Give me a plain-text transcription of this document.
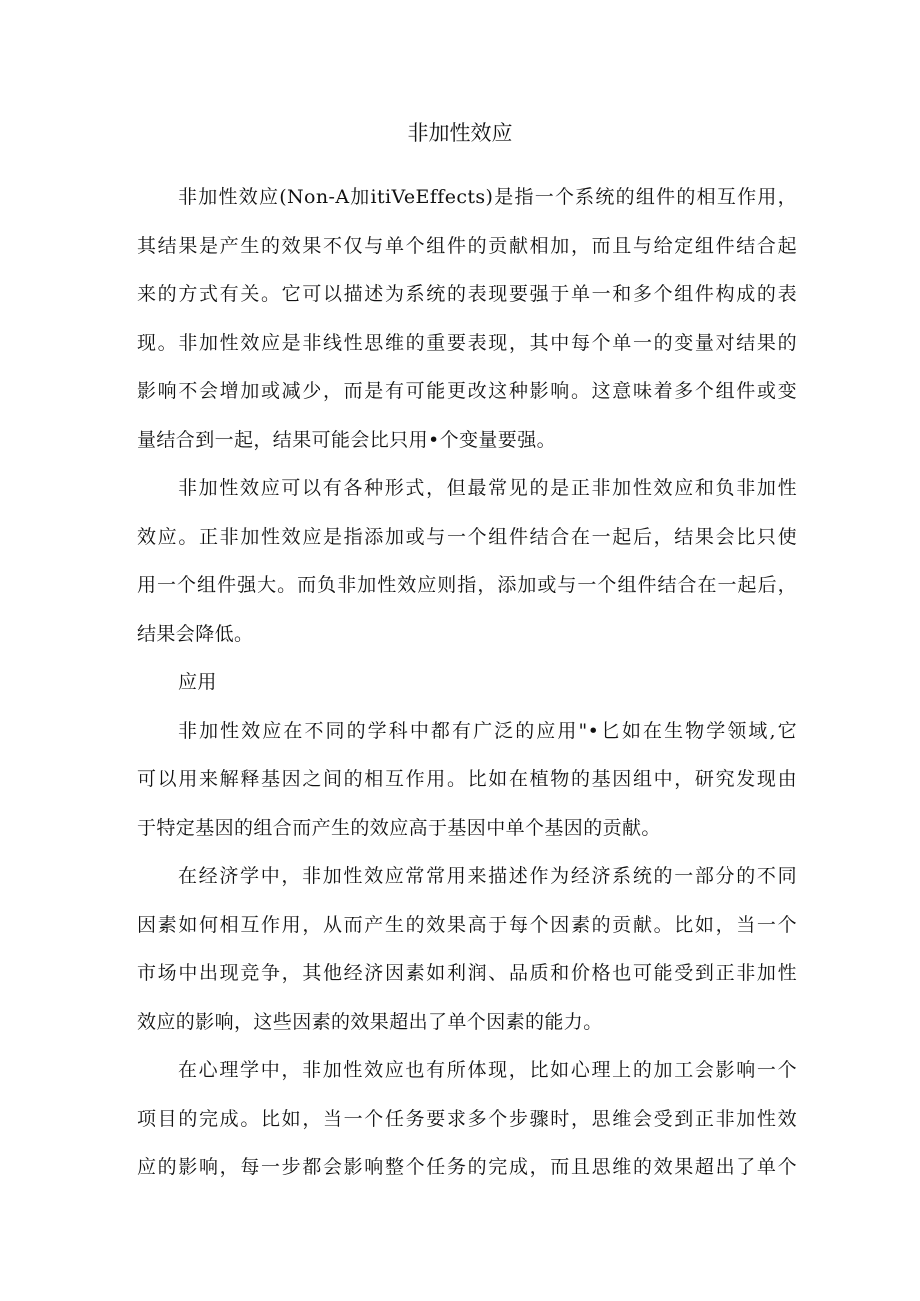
非加性效应
非加性效应(Non-A加itiVeEffects)是指一个系统的组件的相互作用，
其结果是产生的效果不仅与单个组件的贡献相加，而且与给定组件结合起
来的方式有关。它可以描述为系统的表现要强于单一和多个组件构成的表
现。非加性效应是非线性思维的重要表现，其中每个单一的变量对结果的
影响不会增加或减少，而是有可能更改这种影响。这意味着多个组件或变
量结合到一起，结果可能会比只用•个变量要强。
非加性效应可以有各种形式，但最常见的是正非加性效应和负非加性
效应。正非加性效应是指添加或与一个组件结合在一起后，结果会比只使
用一个组件强大。而负非加性效应则指，添加或与一个组件结合在一起后，
结果会降低。
应用
非加性效应在不同的学科中都有广泛的应用"•匕如在生物学领域,它
可以用来解释基因之间的相互作用。比如在植物的基因组中，研究发现由
于特定基因的组合而产生的效应高于基因中单个基因的贡献。
在经济学中，非加性效应常常用来描述作为经济系统的一部分的不同
因素如何相互作用，从而产生的效果高于每个因素的贡献。比如，当一个
市场中出现竞争，其他经济因素如利润、品质和价格也可能受到正非加性
效应的影响，这些因素的效果超出了单个因素的能力。
在心理学中，非加性效应也有所体现，比如心理上的加工会影响一个
项目的完成。比如，当一个任务要求多个步骤时，思维会受到正非加性效
应的影响，每一步都会影响整个任务的完成，而且思维的效果超出了单个
